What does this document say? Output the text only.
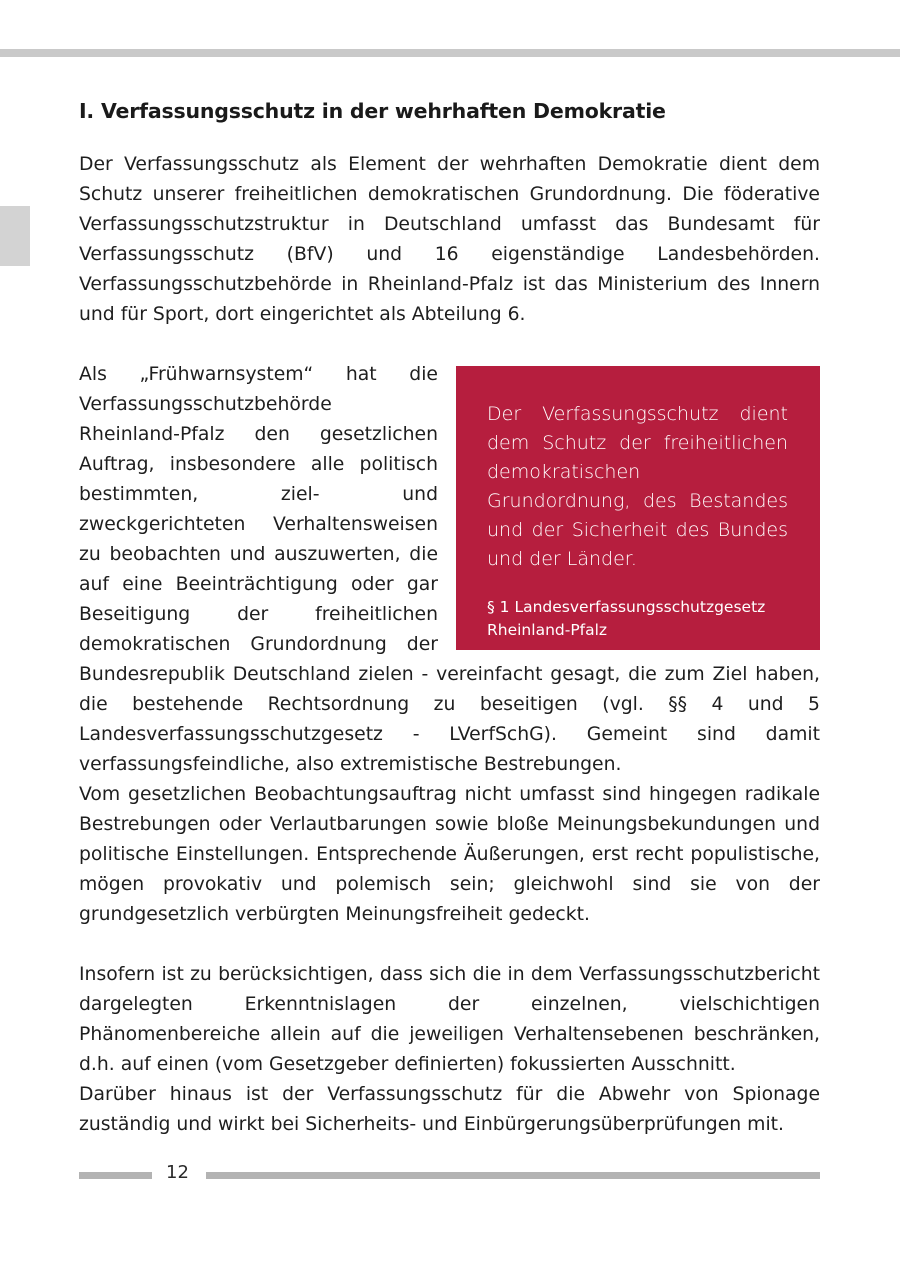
I. Verfassungsschutz in der wehrhaften Demokratie

Der Verfassungsschutz als Element der wehrhaften Demokratie dient dem Schutz unserer freiheitlichen demokratischen Grundordnung. Die föderative Verfassungsschutzstruktur in Deutschland umfasst das Bundesamt für Verfassungsschutz (BfV) und 16 eigenständige Landesbehörden. Verfassungsschutzbehörde in Rheinland-Pfalz ist das Ministerium des Innern und für Sport, dort eingerichtet als Abteilung 6.

Der Verfassungsschutz dient dem Schutz der freiheitlichen demokratischen Grundordnung, des Bestandes und der Sicherheit des Bundes und der Länder.
§ 1 Landesverfassungsschutzgesetz
Rheinland-Pfalz

Als „Frühwarnsystem“ hat die Verfassungsschutzbehörde Rheinland-Pfalz den gesetzlichen Auftrag, insbesondere alle politisch bestimmten, ziel- und zweckgerichteten Verhaltensweisen zu beobachten und auszuwerten, die auf eine Beeinträchtigung oder gar Beseitigung der freiheitlichen demokratischen Grundordnung der Bundesrepublik Deutschland zielen - vereinfacht gesagt, die zum Ziel haben, die bestehende Rechtsordnung zu beseitigen (vgl. §§ 4 und 5 Landesverfassungsschutzgesetz - LVerfSchG). Gemeint sind damit verfassungsfeindliche, also extremistische Bestrebungen.

Vom gesetzlichen Beobachtungsauftrag nicht umfasst sind hingegen radikale Bestrebungen oder Verlautbarungen sowie bloße Meinungsbekundungen und politische Einstellungen. Entsprechende Äußerungen, erst recht populistische, mögen provokativ und polemisch sein; gleichwohl sind sie von der grundgesetzlich verbürgten Meinungsfreiheit gedeckt.

Insofern ist zu berücksichtigen, dass sich die in dem Verfassungsschutzbericht dargelegten Erkenntnislagen der einzelnen, vielschichtigen Phänomenbereiche allein auf die jeweiligen Verhaltensebenen beschränken, d.h. auf einen (vom Gesetzgeber definierten) fokussierten Ausschnitt.

Darüber hinaus ist der Verfassungsschutz für die Abwehr von Spionage zuständig und wirkt bei Sicherheits- und Einbürgerungsüberprüfungen mit.

12
